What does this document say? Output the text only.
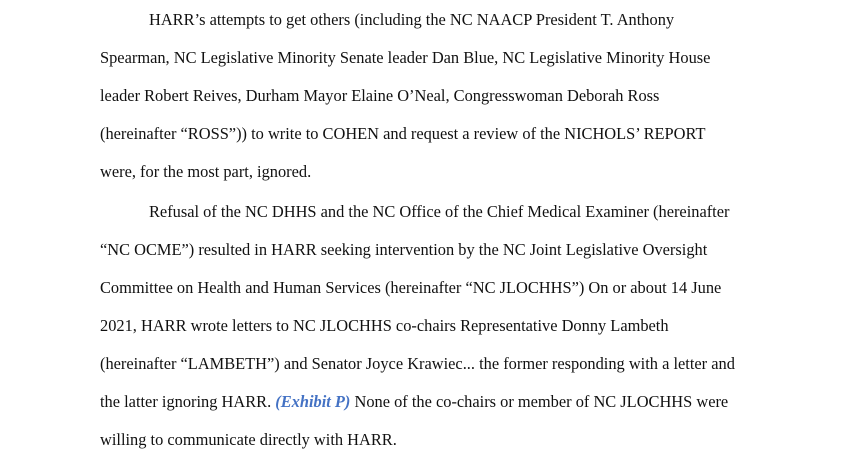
HARR’s attempts to get others (including the NC NAACP President T. Anthony
Spearman, NC Legislative Minority Senate leader Dan Blue, NC Legislative Minority House
leader Robert Reives, Durham Mayor Elaine O’Neal, Congresswoman Deborah Ross
(hereinafter “ROSS”)) to write to COHEN and request a review of the NICHOLS’ REPORT
were, for the most part, ignored.
Refusal of the NC DHHS and the NC Office of the Chief Medical Examiner (hereinafter
“NC OCME”) resulted in HARR seeking intervention by the NC Joint Legislative Oversight
Committee on Health and Human Services (hereinafter “NC JLOCHHS”) On or about 14 June
2021, HARR wrote letters to NC JLOCHHS co-chairs Representative Donny Lambeth
(hereinafter “LAMBETH”) and Senator Joyce Krawiec... the former responding with a letter and
the latter ignoring HARR. (Exhibit P) None of the co-chairs or member of NC JLOCHHS were
willing to communicate directly with HARR.
